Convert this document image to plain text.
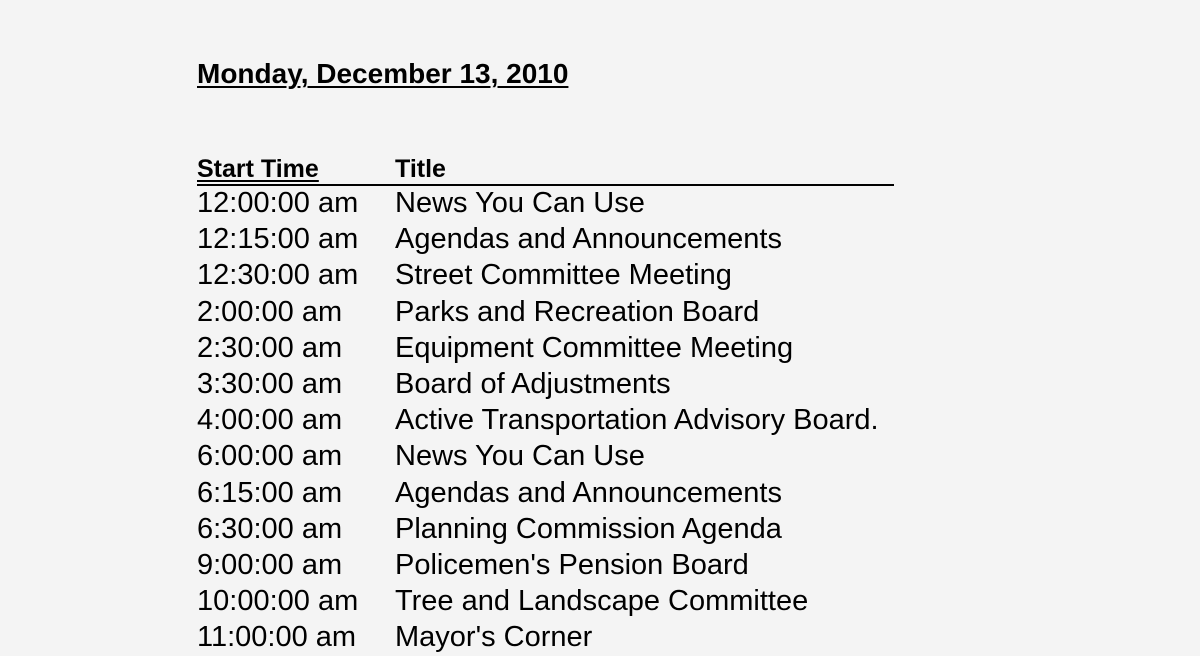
Monday, December 13, 2010
Start Time	Title
12:00:00 am News You Can Use
12:15:00 am Agendas and Announcements
12:30:00 am Street Committee Meeting
2:00:00 am Parks and Recreation Board
2:30:00 am Equipment Committee Meeting
3:30:00 am Board of Adjustments
4:00:00 am Active Transportation Advisory Board.
6:00:00 am News You Can Use
6:15:00 am Agendas and Announcements
6:30:00 am Planning Commission Agenda
9:00:00 am Policemen's Pension Board
10:00:00 am Tree and Landscape Committee
11:00:00 am Mayor's Corner
